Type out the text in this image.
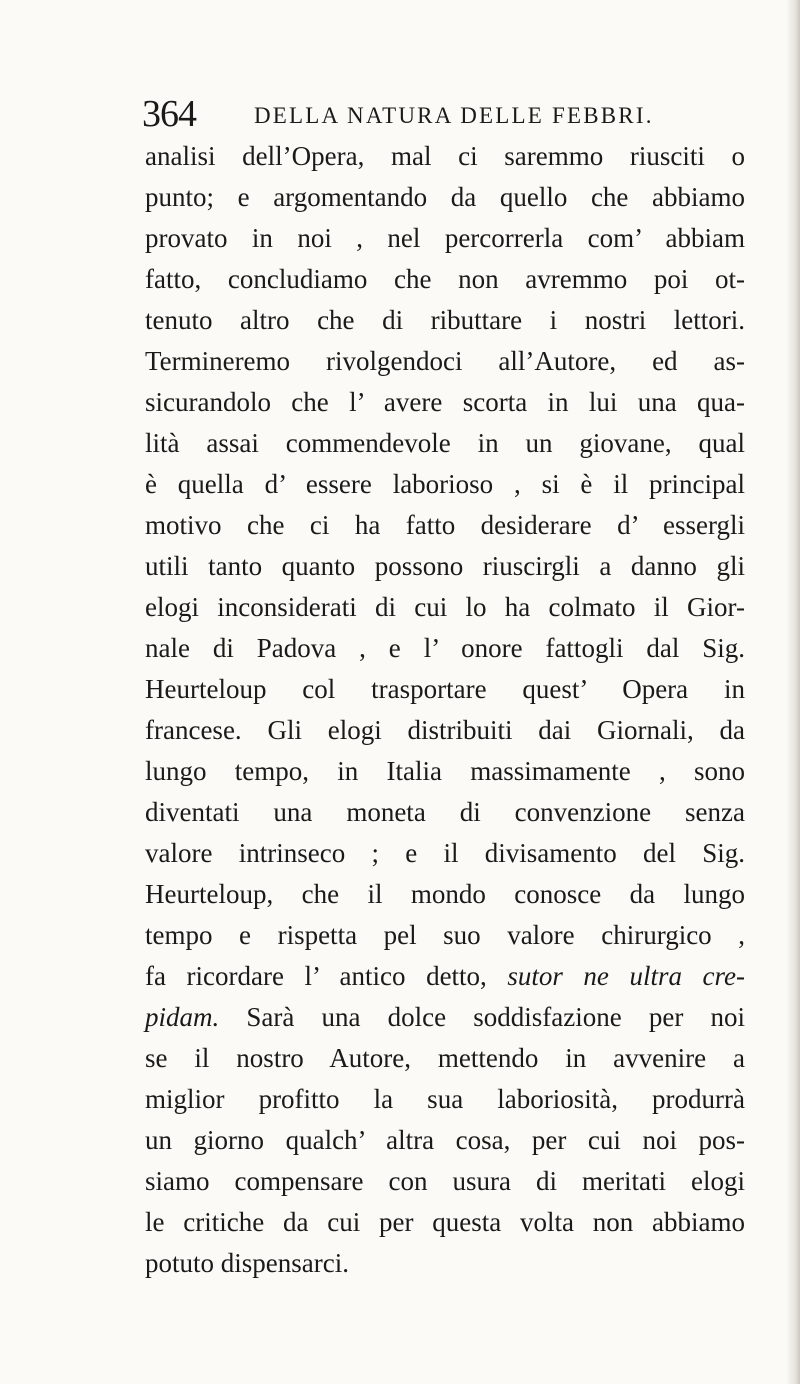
364	DELLA NATURA DELLE FEBBRI.
analisi dell’Opera, mal ci saremmo riusciti o
punto; e argomentando da quello che abbiamo
provato in noi , nel percorrerla com’ abbiam
fatto, concludiamo che non avremmo poi ot-
tenuto altro che di ributtare i nostri lettori.
Termineremo rivolgendoci all’Autore, ed as-
sicurandolo che l’ avere scorta in lui una qua-
lità assai commendevole in un giovane, qual
è quella d’ essere laborioso , si è il principal
motivo che ci ha fatto desiderare d’ essergli
utili tanto quanto possono riuscirgli a danno gli
elogi inconsiderati di cui lo ha colmato il Gior-
nale di Padova , e l’ onore fattogli dal Sig.
Heurteloup col trasportare quest’ Opera in
francese. Gli elogi distribuiti dai Giornali, da
lungo tempo, in Italia massimamente , sono
diventati una moneta di convenzione senza
valore intrinseco ; e il divisamento del Sig.
Heurteloup, che il mondo conosce da lungo
tempo e rispetta pel suo valore chirurgico ,
fa ricordare l’ antico detto, sutor ne ultra cre-
pidam. Sarà una dolce soddisfazione per noi
se il nostro Autore, mettendo in avvenire a
miglior profitto la sua laboriosità, produrrà
un giorno qualch’ altra cosa, per cui noi pos-
siamo compensare con usura di meritati elogi
le critiche da cui per questa volta non abbiamo
potuto dispensarci.
